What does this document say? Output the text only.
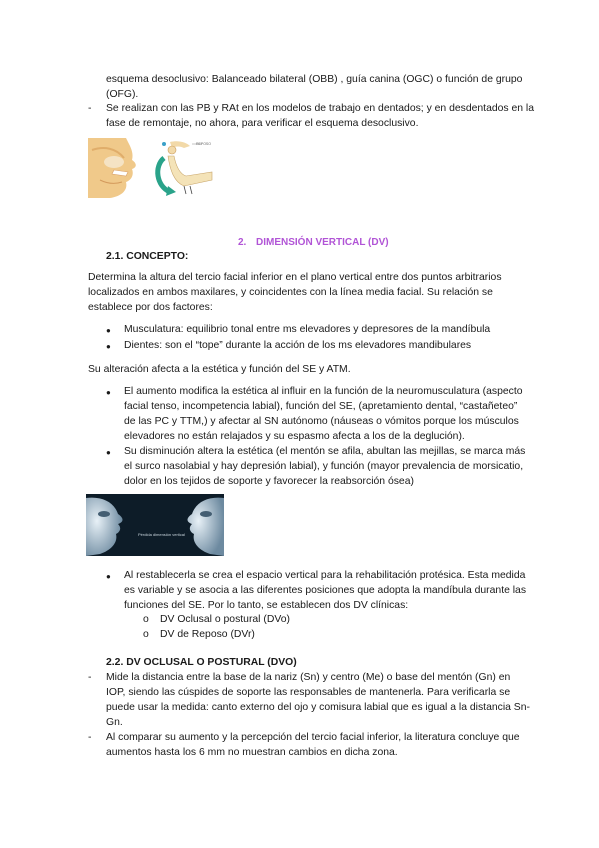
esquema desoclusivo: Balanceado bilateral (OBB) , guía canina (OGC) o función de grupo
(OFG).
- Se realizan con las PB y RAt en los modelos de trabajo en dentados; y en desdentados en la
fase de remontaje, no ahora, para verificar el esquema desoclusivo.
REPOSO
2. DIMENSIÓN VERTICAL (DV)
2.1. CONCEPTO:
Determina la altura del tercio facial inferior en el plano vertical entre dos puntos arbitrarios
localizados en ambos maxilares, y coincidentes con la línea media facial. Su relación se
establece por dos factores:
● Musculatura: equilibrio tonal entre ms elevadores y depresores de la mandíbula
● Dientes: son el “tope” durante la acción de los ms elevadores mandibulares
Su alteración afecta a la estética y función del SE y ATM.
● El aumento modifica la estética al influir en la función de la neuromusculatura (aspecto
facial tenso, incompetencia labial), función del SE, (apretamiento dental, “castañeteo”
de las PC y TTM,) y afectar al SN autónomo (náuseas o vómitos porque los músculos
elevadores no están relajados y su espasmo afecta a los de la deglución).
● Su disminución altera la estética (el mentón se afila, abultan las mejillas, se marca más
el surco nasolabial y hay depresión labial), y función (mayor prevalencia de morsicatio,
dolor en los tejidos de soporte y favorecer la reabsorción ósea)
Pérdida dimensión vertical
● Al restablecerla se crea el espacio vertical para la rehabilitación protésica. Esta medida
es variable y se asocia a las diferentes posiciones que adopta la mandíbula durante las
funciones del SE. Por lo tanto, se establecen dos DV clínicas:
o DV Oclusal o postural (DVo)
o DV de Reposo (DVr)
2.2. DV OCLUSAL O POSTURAL (DVO)
- Mide la distancia entre la base de la nariz (Sn) y centro (Me) o base del mentón (Gn) en
IOP, siendo las cúspides de soporte las responsables de mantenerla. Para verificarla se
puede usar la medida: canto externo del ojo y comisura labial que es igual a la distancia Sn-
Gn.
- Al comparar su aumento y la percepción del tercio facial inferior, la literatura concluye que
aumentos hasta los 6 mm no muestran cambios en dicha zona.
